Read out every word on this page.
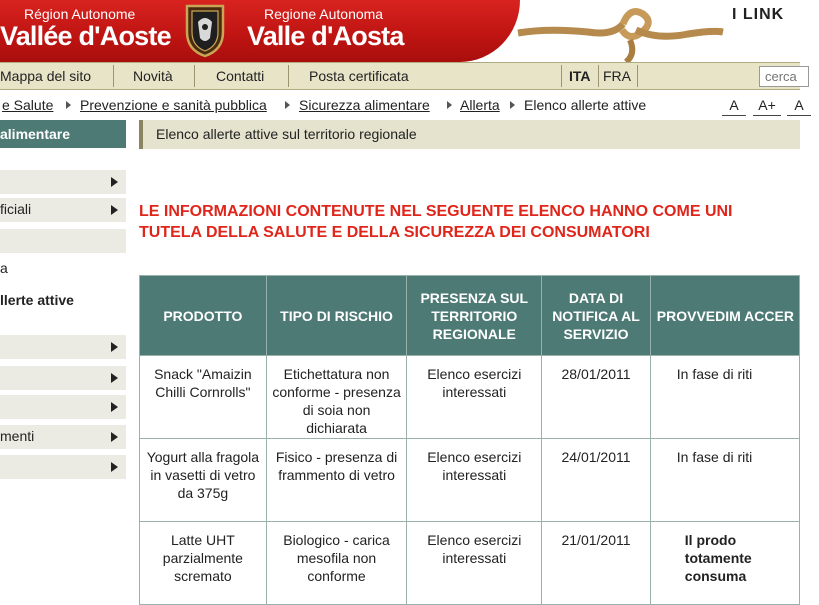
Région Autonome
Vallée d'Aoste
Regione Autonoma
Valle d'Aosta
I LINK
Mappa del sito	Novità	Contatti	Posta certificata	ITA FRA
cerca
e Salute Prevenzione e sanità pubblica Sicurezza alimentare Allerta Elenco allerte attive	A	A+	A
alimentare
ficiali
a
llerte attive
menti
Elenco allerte attive sul territorio regionale
LE INFORMAZIONI CONTENUTE NEL SEGUENTE ELENCO HANNO COME UNI
TUTELA DELLA SALUTE E DELLA SICUREZZA DEI CONSUMATORI
PRODOTTO	TIPO DI RISCHIO	PRESENZA SUL TERRITORIO REGIONALE	DATA DI NOTIFICA AL SERVIZIO	PROVVEDIM ACCER
Snack "Amaizin Chilli Cornrolls"	Etichettatura non conforme - presenza di soia non dichiarata	Elenco esercizi interessati	28/01/2011	In fase di riti
Yogurt alla fragola in vasetti di vetro da 375g	Fisico - presenza di frammento di vetro	Elenco esercizi interessati	24/01/2011	In fase di riti
Latte UHT parzialmente scremato	Biologico - carica mesofila non conforme	Elenco esercizi interessati	21/01/2011	Il prodo totamente consuma
